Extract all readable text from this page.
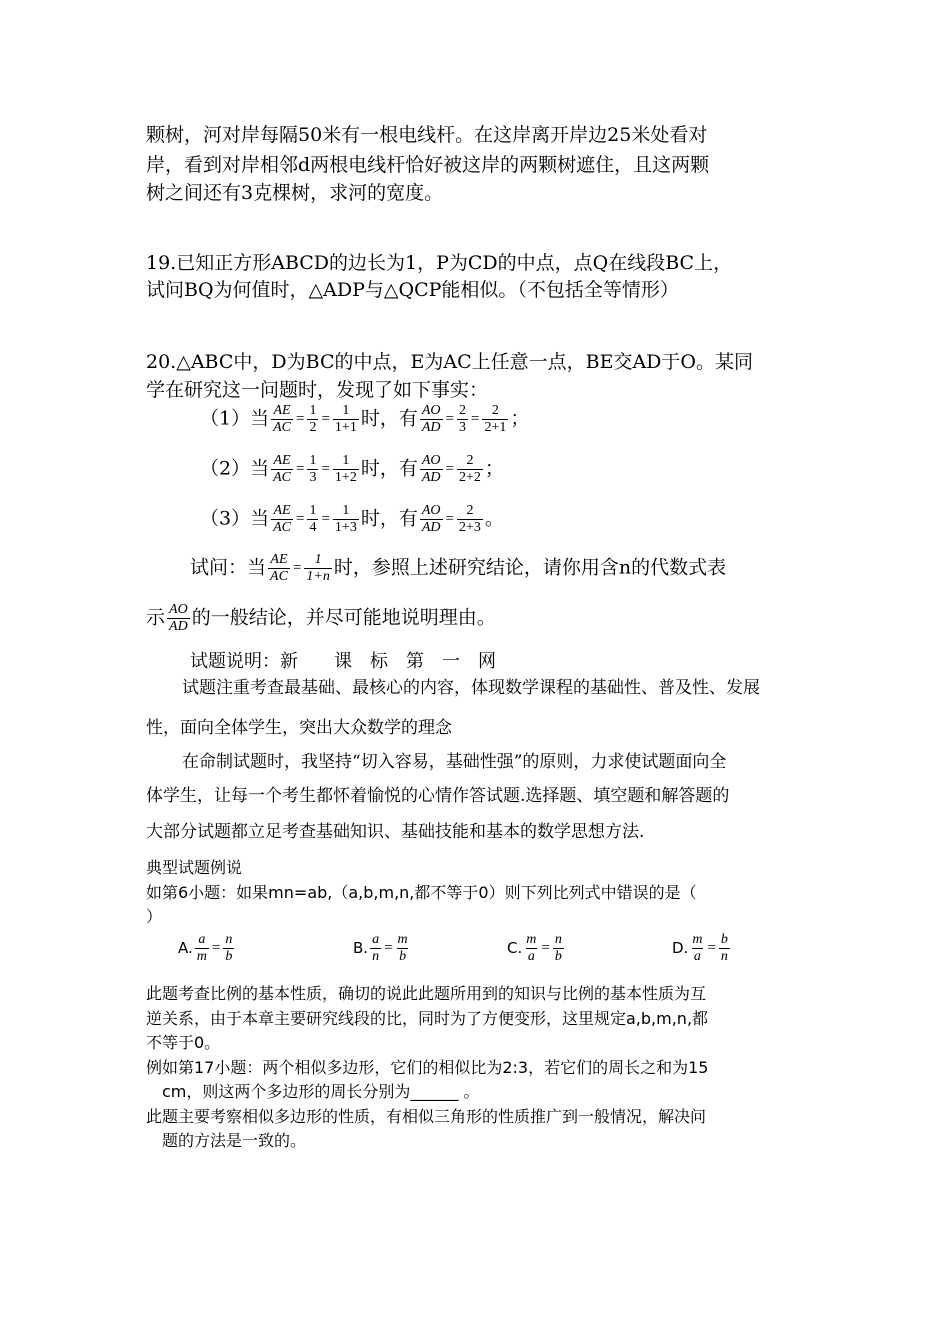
颗树，河对岸每隔50米有一根电线杆。在这岸离开岸边25米处看对
岸，看到对岸相邻d两根电线杆恰好被这岸的两颗树遮住，且这两颗
树之间还有3克棵树，求河的宽度。
19.已知正方形ABCD的边长为1，P为CD的中点，点Q在线段BC上，
试问BQ为何值时，△ADP与△QCP能相似。（不包括全等情形）
20.△ABC中，D为BC的中点，E为AC上任意一点，BE交AD于O。某同
学在研究这一问题时，发现了如下事实：
（1）当 $\frac{AE}{AC} = \frac{1}{2} = \frac{1}{1+1}$ 时，有 $\frac{AO}{AD} = \frac{2}{3} = \frac{2}{2+1}$ ；
（2）当 $\frac{AE}{AC} = \frac{1}{3} = \frac{1}{1+2}$ 时，有 $\frac{AO}{AD} = \frac{2}{2+2}$ ；
（3）当 $\frac{AE}{AC} = \frac{1}{4} = \frac{1}{1+3}$ 时，有 $\frac{AO}{AD} = \frac{2}{2+3}$ 。
试问：当 $\frac{AE}{AC} = \frac{1}{1+n}$ 时，参照上述研究结论，请你用含n的代数式表
示 $\frac{AO}{AD}$ 的一般结论，并尽可能地说明理由。
试题说明：新　　课　标　第　一　网
试题注重考查最基础、最核心的内容，体现数学课程的基础性、普及性、发展
性，面向全体学生，突出大众数学的理念
在命制试题时，我坚持“切入容易，基础性强”的原则，力求使试题面向全
体学生，让每一个考生都怀着愉悦的心情作答试题.选择题、填空题和解答题的
大部分试题都立足考查基础知识、基础技能和基本的数学思想方法.
典型试题例说
如第6小题：如果mn=ab,（a,b,m,n,都不等于0）则下列比列式中错误的是（
）
A. $\frac{a}{m} = \frac{n}{b}$	B. $\frac{a}{n} = \frac{m}{b}$	C. $\frac{m}{a} = \frac{n}{b}$	D. $\frac{m}{a} = \frac{b}{n}$
此题考查比例的基本性质，确切的说此此题所用到的知识与比例的基本性质为互
逆关系，由于本章主要研究线段的比，同时为了方便变形，这里规定a,b,m,n,都
不等于0。
例如第17小题：两个相似多边形，它们的相似比为2:3，若它们的周长之和为15
cm，则这两个多边形的周长分别为______ 。
此题主要考察相似多边形的性质，有相似三角形的性质推广到一般情况，解决问
题的方法是一致的。
